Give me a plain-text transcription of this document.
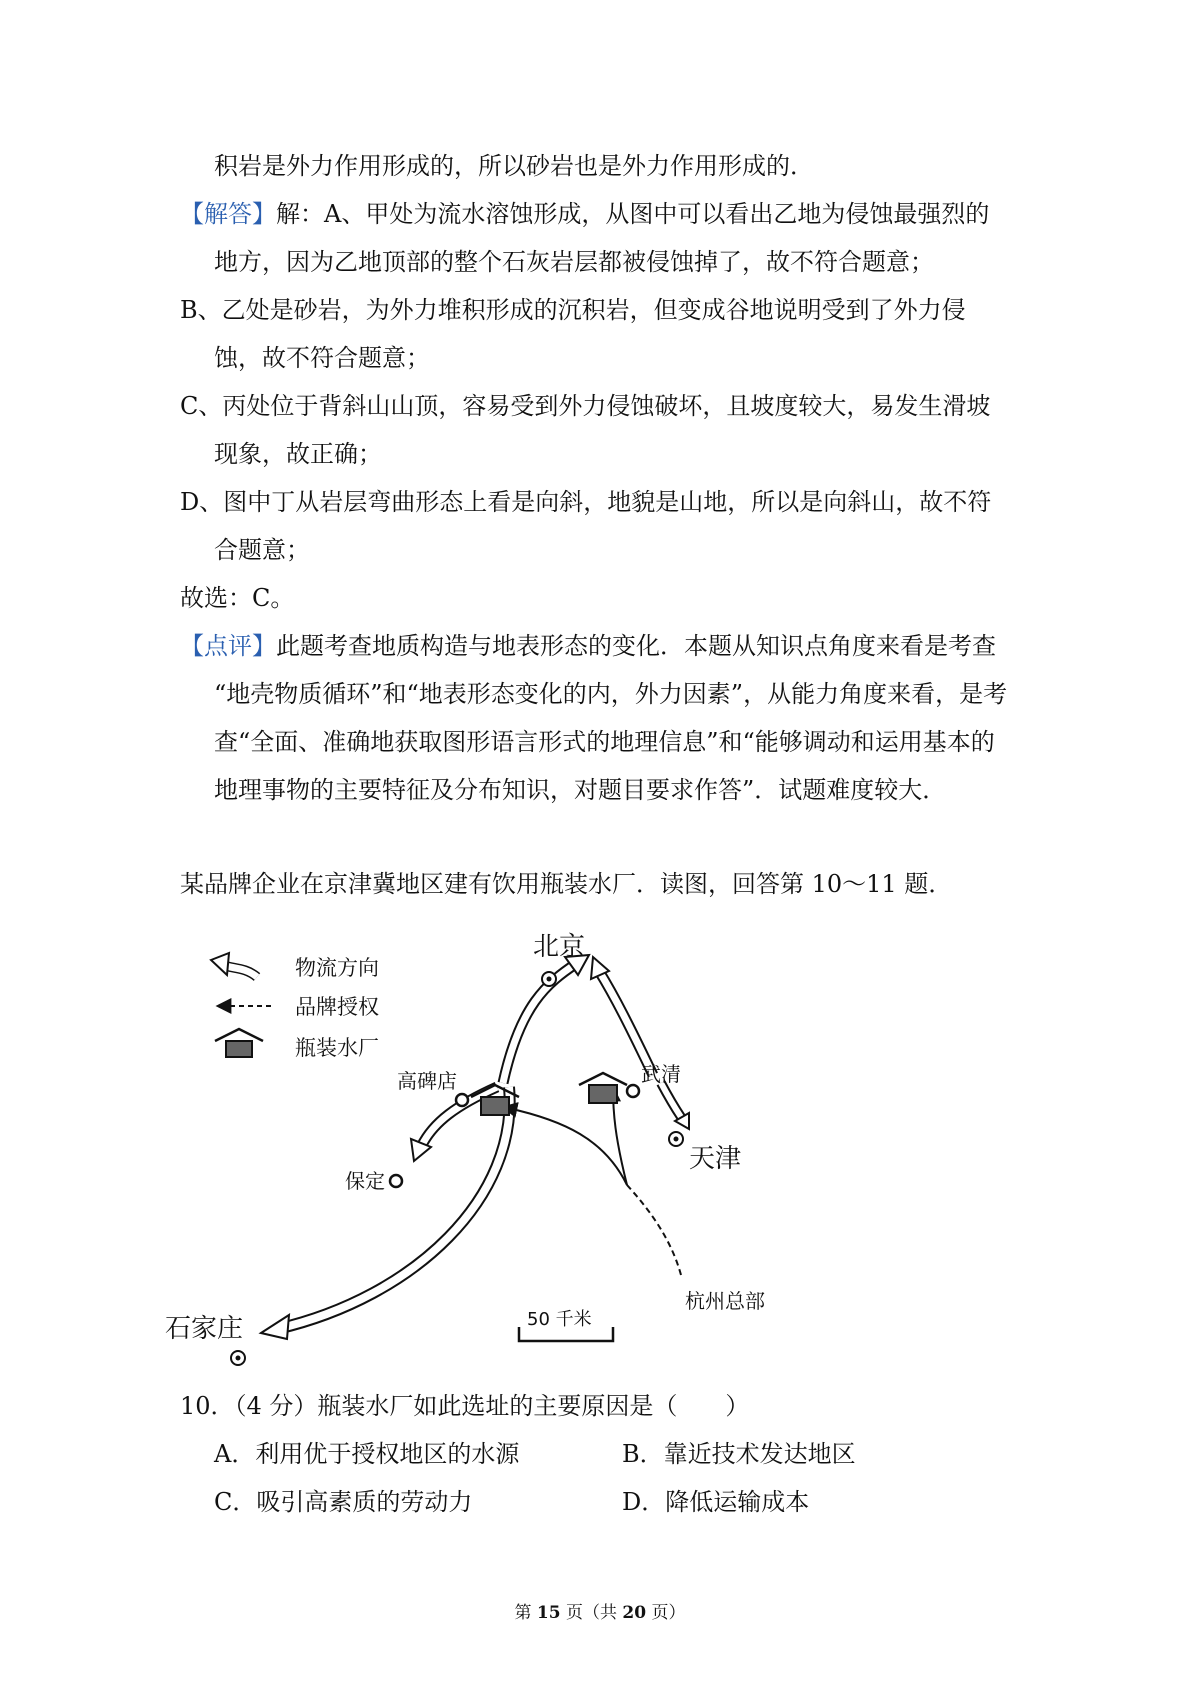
积岩是外力作用形成的，所以砂岩也是外力作用形成的．
【解答】解：A、甲处为流水溶蚀形成，从图中可以看出乙地为侵蚀最强烈的
地方，因为乙地顶部的整个石灰岩层都被侵蚀掉了，故不符合题意；
B、乙处是砂岩，为外力堆积形成的沉积岩，但变成谷地说明受到了外力侵
蚀，故不符合题意；
C、丙处位于背斜山山顶，容易受到外力侵蚀破坏，且坡度较大，易发生滑坡
现象，故正确；
D、图中丁从岩层弯曲形态上看是向斜，地貌是山地，所以是向斜山，故不符
合题意；
故选：C。
【点评】此题考查地质构造与地表形态的变化．本题从知识点角度来看是考查
“地壳物质循环”和“地表形态变化的内，外力因素”，从能力角度来看，是考
查“全面、准确地获取图形语言形式的地理信息”和“能够调动和运用基本的
地理事物的主要特征及分布知识，对题目要求作答”．试题难度较大．
某品牌企业在京津冀地区建有饮用瓶装水厂．读图，回答第 10～11 题．
物流方向
品牌授权
瓶装水厂
北京
天津
石家庄
保定
高碑店	武清
杭州总部
50 千米
10．（4 分）瓶装水厂如此选址的主要原因是（　　）
A．利用优于授权地区的水源	B．靠近技术发达地区
C．吸引高素质的劳动力	D．降低运输成本
第 15 页（共 20 页）
